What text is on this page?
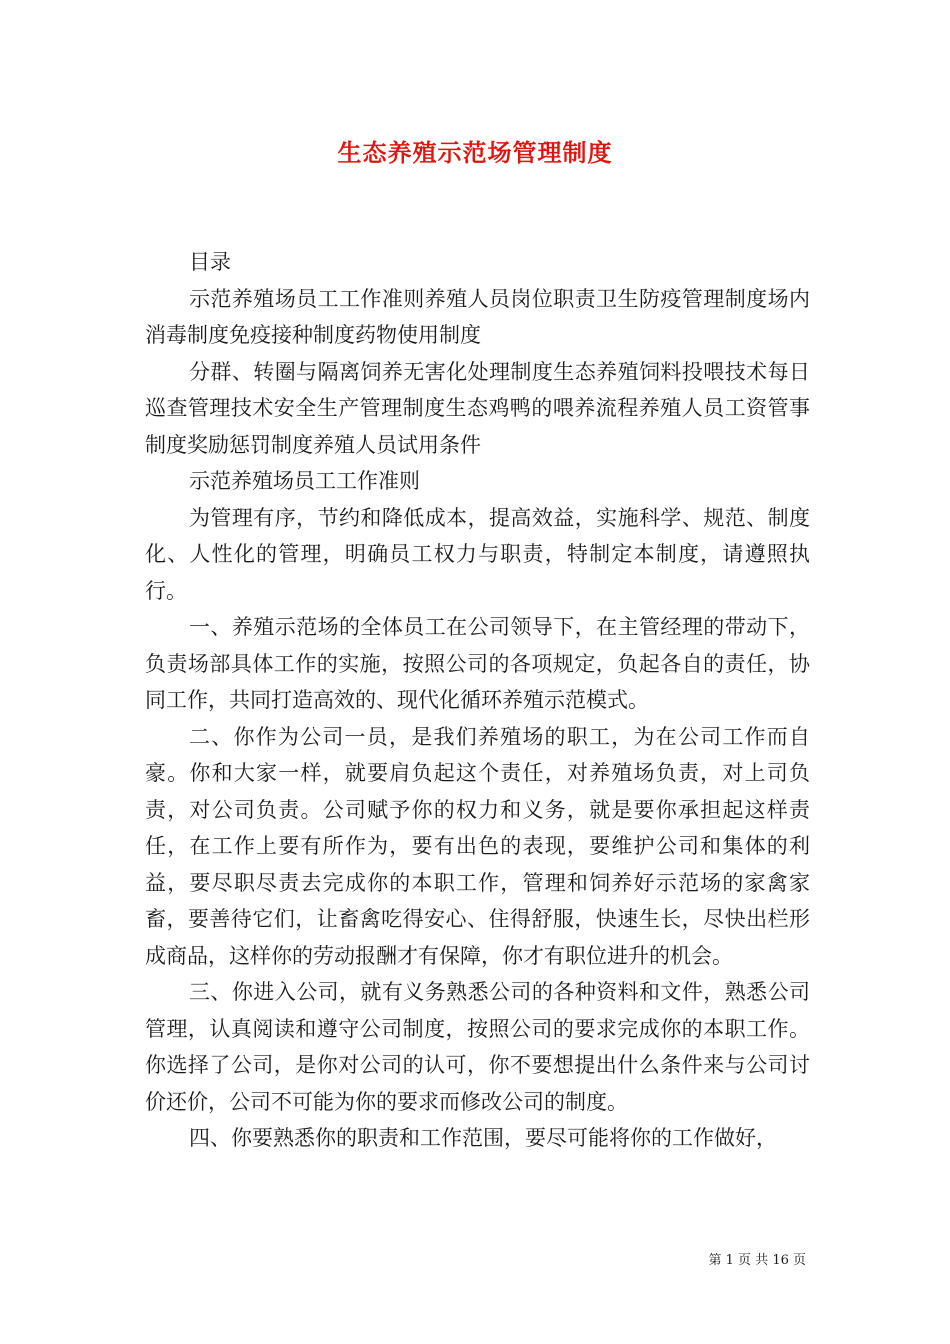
生态养殖示范场管理制度

目录

示范养殖场员工工作准则养殖人员岗位职责卫生防疫管理制度场内消毒制度免疫接种制度药物使用制度

分群、转圈与隔离饲养无害化处理制度生态养殖饲料投喂技术每日巡查管理技术安全生产管理制度生态鸡鸭的喂养流程养殖人员工资管事制度奖励惩罚制度养殖人员试用条件

示范养殖场员工工作准则

为管理有序，节约和降低成本，提高效益，实施科学、规范、制度化、人性化的管理，明确员工权力与职责，特制定本制度，请遵照执行。

一、养殖示范场的全体员工在公司领导下，在主管经理的带动下，负责场部具体工作的实施，按照公司的各项规定，负起各自的责任，协同工作，共同打造高效的、现代化循环养殖示范模式。

二、你作为公司一员，是我们养殖场的职工，为在公司工作而自豪。你和大家一样，就要肩负起这个责任，对养殖场负责，对上司负责，对公司负责。公司赋予你的权力和义务，就是要你承担起这样责任，在工作上要有所作为，要有出色的表现，要维护公司和集体的利益，要尽职尽责去完成你的本职工作，管理和饲养好示范场的家禽家畜，要善待它们，让畜禽吃得安心、住得舒服，快速生长，尽快出栏形成商品，这样你的劳动报酬才有保障，你才有职位进升的机会。

三、你进入公司，就有义务熟悉公司的各种资料和文件，熟悉公司管理，认真阅读和遵守公司制度，按照公司的要求完成你的本职工作。你选择了公司，是你对公司的认可，你不要想提出什么条件来与公司讨价还价，公司不可能为你的要求而修改公司的制度。

四、你要熟悉你的职责和工作范围，要尽可能将你的工作做好，

第 1 页 共 16 页
